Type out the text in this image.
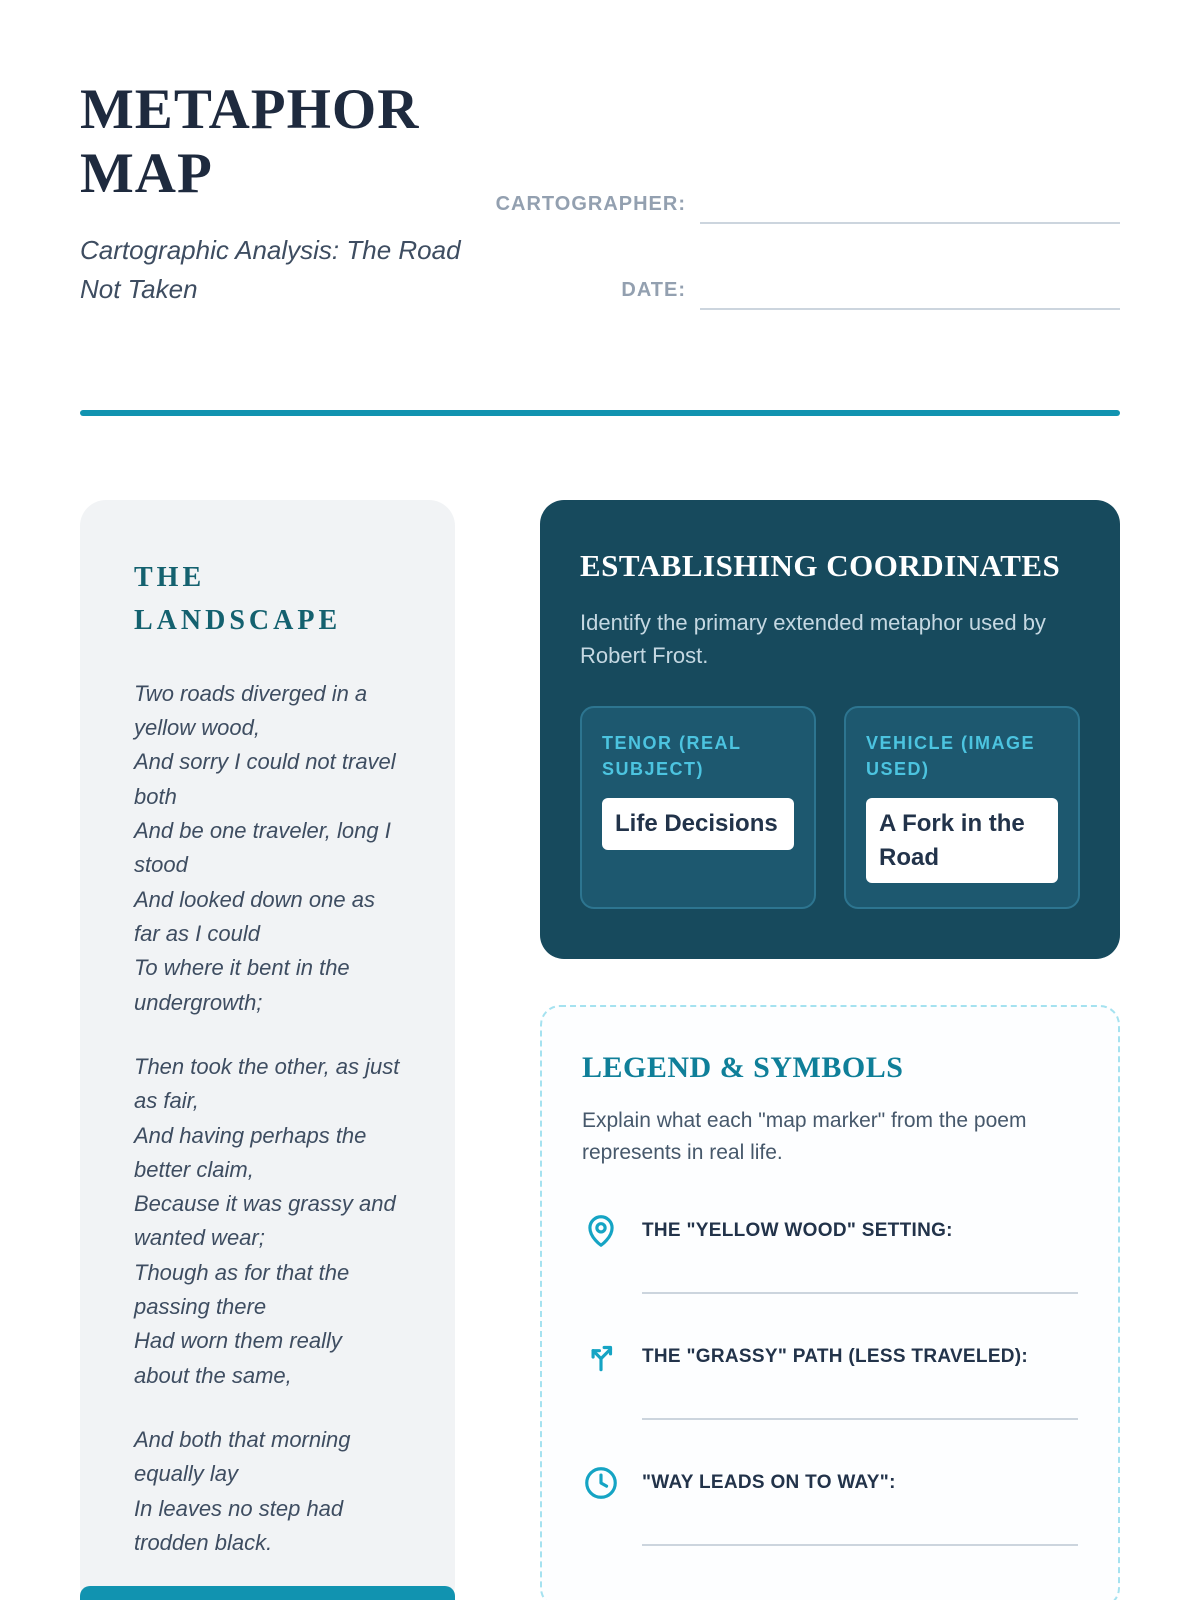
METAPHOR MAP
Cartographic Analysis: The Road Not Taken
CARTOGRAPHER:
DATE:
THE LANDSCAPE

Two roads diverged in a yellow wood,

And sorry I could not travel both

And be one traveler, long I stood

And looked down one as far as I could

To where it bent in the undergrowth;

Then took the other, as just as fair,

And having perhaps the better claim,

Because it was grassy and wanted wear;

Though as for that the passing there

Had worn them really about the same,

And both that morning equally lay

In leaves no step had trodden black.

ESTABLISHING COORDINATES
Identify the primary extended metaphor used by Robert Frost.
TENOR (REAL SUBJECT)
Life Decisions
VEHICLE (IMAGE USED)
A Fork in the Road
LEGEND & SYMBOLS
Explain what each "map marker" from the poem represents in real life.
THE "YELLOW WOOD" SETTING:
THE "GRASSY" PATH (LESS TRAVELED):
"WAY LEADS ON TO WAY":
